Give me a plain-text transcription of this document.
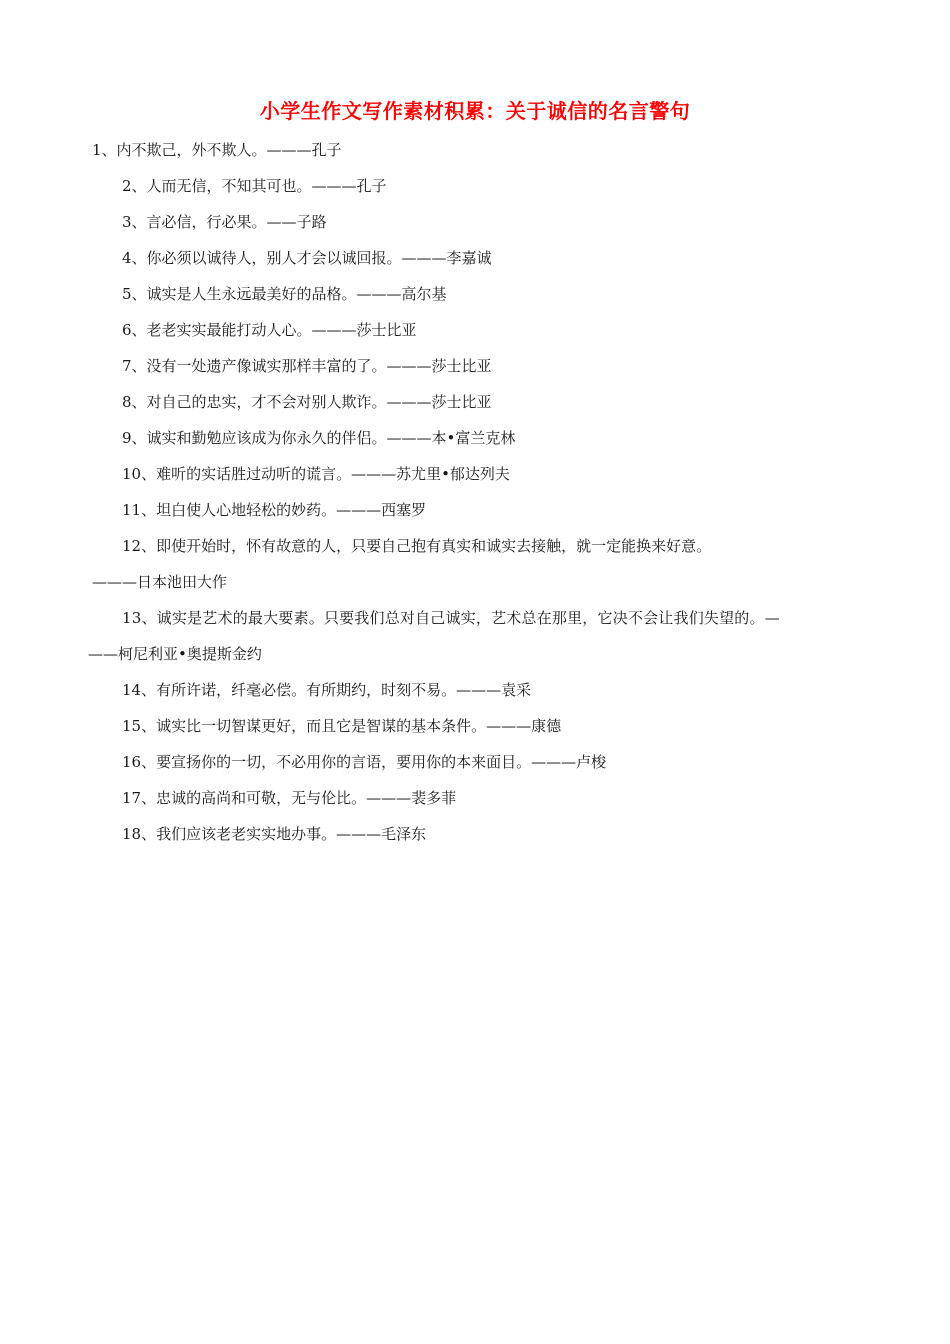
小学生作文写作素材积累：关于诚信的名言警句
1、内不欺己，外不欺人。———孔子
2、人而无信，不知其可也。———孔子
3、言必信，行必果。——子路
4、你必须以诚待人，别人才会以诚回报。———李嘉诚
5、诚实是人生永远最美好的品格。———高尔基
6、老老实实最能打动人心。———莎士比亚
7、没有一处遗产像诚实那样丰富的了。———莎士比亚
8、对自己的忠实，才不会对别人欺诈。———莎士比亚
9、诚实和勤勉应该成为你永久的伴侣。———本•富兰克林
10、难听的实话胜过动听的谎言。———苏尤里•郁达列夫
11、坦白使人心地轻松的妙药。———西塞罗
12、即使开始时，怀有故意的人，只要自己抱有真实和诚实去接触，就一定能换来好意。
———日本池田大作
13、诚实是艺术的最大要素。只要我们总对自己诚实，艺术总在那里，它决不会让我们失望的。—
——柯尼利亚•奥提斯金约
14、有所许诺，纤毫必偿。有所期约，时刻不易。———袁采
15、诚实比一切智谋更好，而且它是智谋的基本条件。———康德
16、要宣扬你的一切，不必用你的言语，要用你的本来面目。———卢梭
17、忠诚的高尚和可敬，无与伦比。———裴多菲
18、我们应该老老实实地办事。———毛泽东
